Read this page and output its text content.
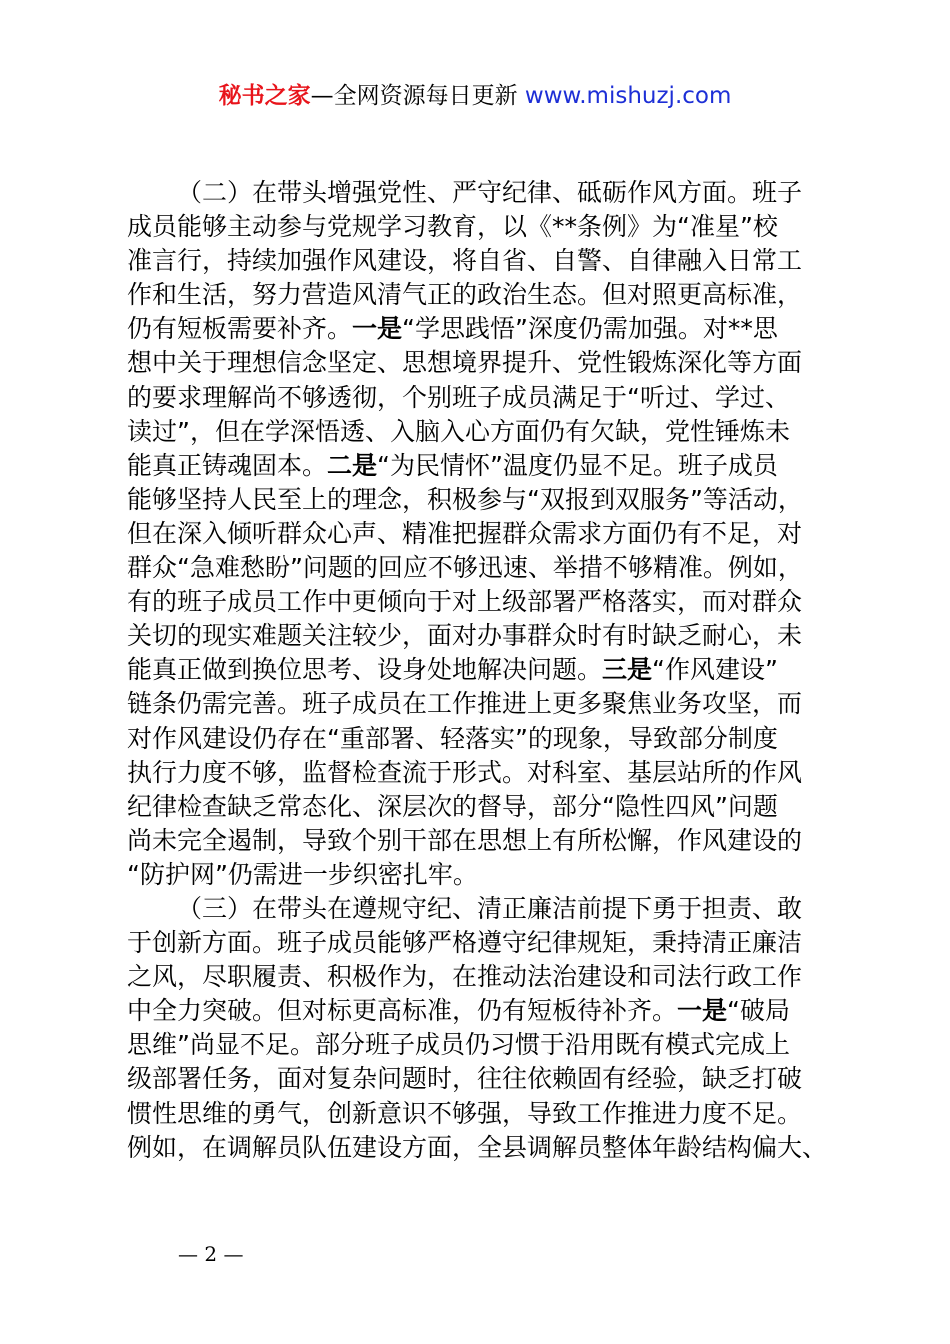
秘书之家—全网资源每日更新 www.mishuzj.com
（二）在带头增强党性、严守纪律、砥砺作风方面。班子
成员能够主动参与党规学习教育，以《**条例》为“准星”校
准言行，持续加强作风建设，将自省、自警、自律融入日常工
作和生活，努力营造风清气正的政治生态。但对照更高标准，
仍有短板需要补齐。一是“学思践悟”深度仍需加强。对**思
想中关于理想信念坚定、思想境界提升、党性锻炼深化等方面
的要求理解尚不够透彻，个别班子成员满足于“听过、学过、
读过”，但在学深悟透、入脑入心方面仍有欠缺，党性锤炼未
能真正铸魂固本。二是“为民情怀”温度仍显不足。班子成员
能够坚持人民至上的理念，积极参与“双报到双服务”等活动，
但在深入倾听群众心声、精准把握群众需求方面仍有不足，对
群众“急难愁盼”问题的回应不够迅速、举措不够精准。例如，
有的班子成员工作中更倾向于对上级部署严格落实，而对群众
关切的现实难题关注较少，面对办事群众时有时缺乏耐心，未
能真正做到换位思考、设身处地解决问题。三是“作风建设”
链条仍需完善。班子成员在工作推进上更多聚焦业务攻坚，而
对作风建设仍存在“重部署、轻落实”的现象，导致部分制度
执行力度不够，监督检查流于形式。对科室、基层站所的作风
纪律检查缺乏常态化、深层次的督导，部分“隐性四风”问题
尚未完全遏制，导致个别干部在思想上有所松懈，作风建设的
“防护网”仍需进一步织密扎牢。
（三）在带头在遵规守纪、清正廉洁前提下勇于担责、敢
于创新方面。班子成员能够严格遵守纪律规矩，秉持清正廉洁
之风，尽职履责、积极作为，在推动法治建设和司法行政工作
中全力突破。但对标更高标准，仍有短板待补齐。一是“破局
思维”尚显不足。部分班子成员仍习惯于沿用既有模式完成上
级部署任务，面对复杂问题时，往往依赖固有经验，缺乏打破
惯性思维的勇气，创新意识不够强，导致工作推进力度不足。
例如，在调解员队伍建设方面，全县调解员整体年龄结构偏大、
— 2 —
